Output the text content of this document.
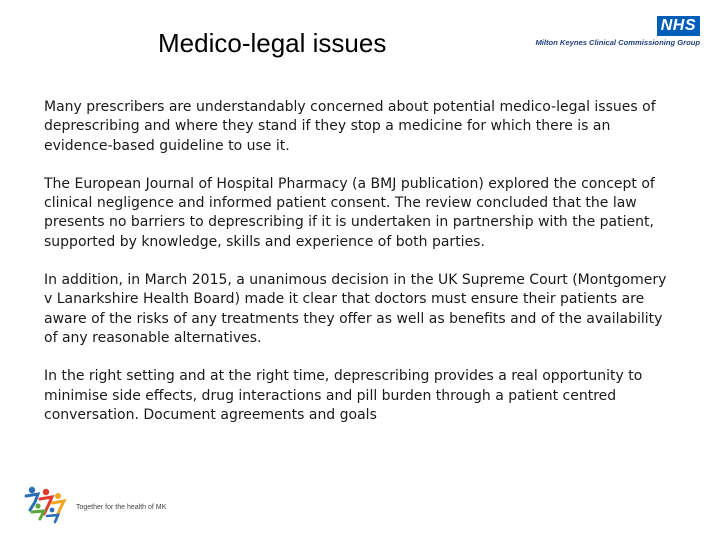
Medico-legal issues
NHS
Milton Keynes Clinical Commissioning Group

Many prescribers are understandably concerned about potential medico-legal issues of deprescribing and where they stand if they stop a medicine for which there is an evidence-based guideline to use it.

The European Journal of Hospital Pharmacy (a BMJ publication) explored the concept of clinical negligence and informed patient consent. The review concluded that the law presents no barriers to deprescribing if it is undertaken in partnership with the patient, supported by knowledge, skills and experience of both parties.

In addition, in March 2015, a unanimous decision in the UK Supreme Court (Montgomery v Lanarkshire Health Board) made it clear that doctors must ensure their patients are aware of the risks of any treatments they offer as well as benefits and of the availability of any reasonable alternatives.

In the right setting and at the right time, deprescribing provides a real opportunity to minimise side effects, drug interactions and pill burden through a patient centred conversation. Document agreements and goals

Together for the health of MK
